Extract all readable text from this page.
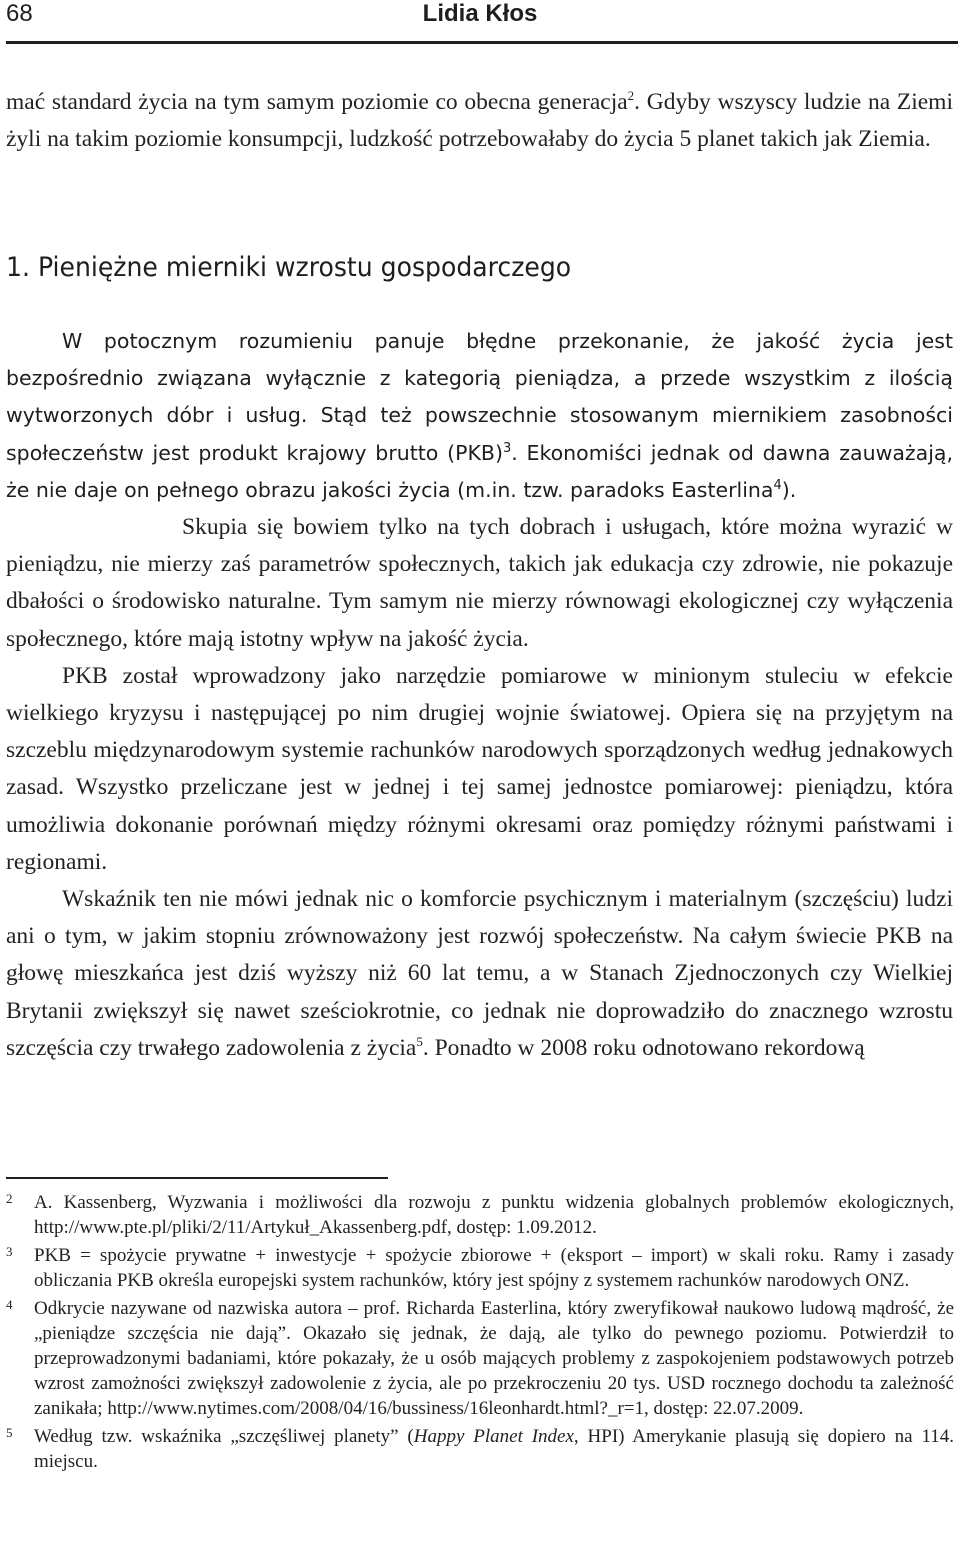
68	Lidia Kłos

mać standard życia na tym samym poziomie co obecna generacja$^2$. Gdyby wszyscy ludzie na Ziemi żyli na takim poziomie konsumpcji, ludzkość potrzebowałaby do życia 5 planet takich jak Ziemia.

1. Pieniężne mierniki wzrostu gospodarczego

W potocznym rozumieniu panuje błędne przekonanie, że jakość życia jest bezpośrednio związana wyłącznie z kategorią pieniądza, a przede wszystkim z ilością wytworzonych dóbr i usług. Stąd też powszechnie stosowanym miernikiem zasobności społeczeństw jest produkt krajowy brutto (PKB)$^3$. Ekonomiści jednak od dawna zauważają, że nie daje on pełnego obrazu jakości życia (m.in. tzw. paradoks Easterlina$^4$).

Skupia się bowiem tylko na tych dobrach i usługach, które można wyrazić w pieniądzu, nie mierzy zaś parametrów społecznych, takich jak edukacja czy zdrowie, nie pokazuje dbałości o środowisko naturalne. Tym samym nie mierzy równowagi ekologicznej czy wyłączenia społecznego, które mają istotny wpływ na jakość życia.

PKB został wprowadzony jako narzędzie pomiarowe w minionym stuleciu w efekcie wielkiego kryzysu i następującej po nim drugiej wojnie światowej. Opiera się na przyjętym na szczeblu międzynarodowym systemie rachunków narodowych sporządzonych według jednakowych zasad. Wszystko przeliczane jest w jednej i tej samej jednostce pomiarowej: pieniądzu, która umożliwia dokonanie porównań między różnymi okresami oraz pomiędzy różnymi państwami i regionami.

Wskaźnik ten nie mówi jednak nic o komforcie psychicznym i materialnym (szczęściu) ludzi ani o tym, w jakim stopniu zrównoważony jest rozwój społeczeństw. Na całym świecie PKB na głowę mieszkańca jest dziś wyższy niż 60 lat temu, a w Stanach Zjednoczonych czy Wielkiej Brytanii zwiększył się nawet sześciokrotnie, co jednak nie doprowadziło do znacznego wzrostu szczęścia czy trwałego zadowolenia z życia$^5$. Ponadto w 2008 roku odnotowano rekordową

2 A. Kassenberg, Wyzwania i możliwości dla rozwoju z punktu widzenia globalnych problemów ekologicznych, http://www.pte.pl/pliki/2/11/Artykuł_Akassenberg.pdf, dostęp: 1.09.2012.
3 PKB = spożycie prywatne + inwestycje + spożycie zbiorowe + (eksport – import) w skali roku. Ramy i zasady obliczania PKB określa europejski system rachunków, który jest spójny z systemem rachunków narodowych ONZ.
4 Odkrycie nazywane od nazwiska autora – prof. Richarda Easterlina, który zweryfikował naukowo ludową mądrość, że „pieniądze szczęścia nie dają”. Okazało się jednak, że dają, ale tylko do pewnego poziomu. Potwierdził to przeprowadzonymi badaniami, które pokazały, że u osób mających problemy z zaspokojeniem podstawowych potrzeb wzrost zamożności zwiększył zadowolenie z życia, ale po przekroczeniu 20 tys. USD rocznego dochodu ta zależność zanikała; http://www.nytimes.com/2008/04/16/bussiness/16leonhardt.html?_r=1, dostęp: 22.07.2009.
5 Według tzw. wskaźnika „szczęśliwej planety” (Happy Planet Index, HPI) Amerykanie plasują się dopiero na 114. miejscu.
